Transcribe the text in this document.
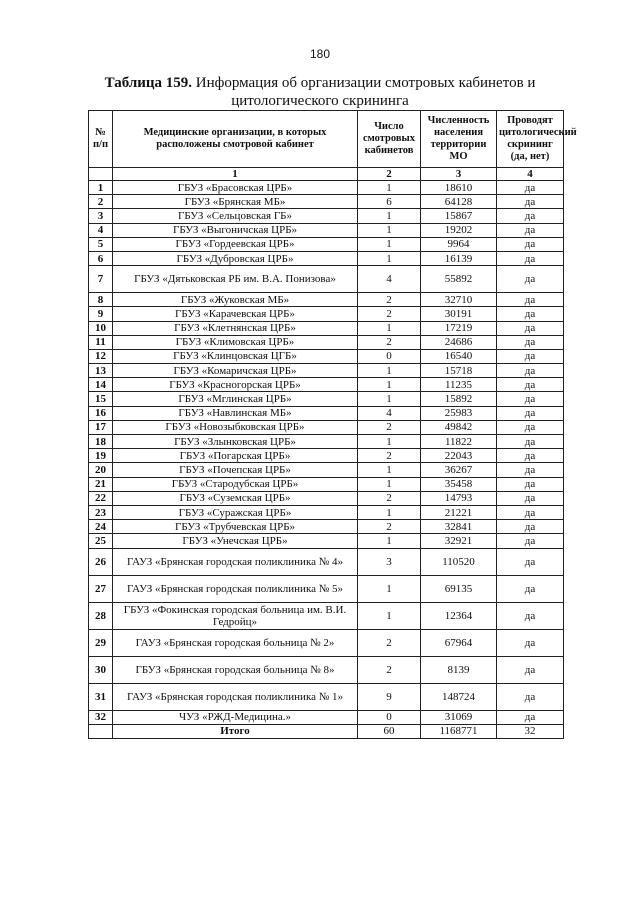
180
Таблица 159. Информация об организации смотровых кабинетов и цитологического скрининга
№ п/п	Медицинские организации, в которых расположены смотровой кабинет	Число смотровых кабинетов	Численность населения территории МО	Проводят цитологический скрининг (да, нет)
	1	2	3	4
1	ГБУЗ «Брасовская ЦРБ»	1	18610	да
2	ГБУЗ «Брянская МБ»	6	64128	да
3	ГБУЗ «Сельцовская ГБ»	1	15867	да
4	ГБУЗ «Выгоничская ЦРБ»	1	19202	да
5	ГБУЗ «Гордеевская ЦРБ»	1	9964	да
6	ГБУЗ «Дубровская ЦРБ»	1	16139	да
7	ГБУЗ «Дятьковская РБ им. В.А. Понизова»	4	55892	да
8	ГБУЗ «Жуковская МБ»	2	32710	да
9	ГБУЗ «Карачевская ЦРБ»	2	30191	да
10	ГБУЗ «Клетнянская ЦРБ»	1	17219	да
11	ГБУЗ «Климовская ЦРБ»	2	24686	да
12	ГБУЗ «Клинцовская ЦГБ»	0	16540	да
13	ГБУЗ «Комаричская ЦРБ»	1	15718	да
14	ГБУЗ «Красногорская ЦРБ»	1	11235	да
15	ГБУЗ «Мглинская ЦРБ»	1	15892	да
16	ГБУЗ «Навлинская МБ»	4	25983	да
17	ГБУЗ «Новозыбковская ЦРБ»	2	49842	да
18	ГБУЗ «Злынковская ЦРБ»	1	11822	да
19	ГБУЗ «Погарская ЦРБ»	2	22043	да
20	ГБУЗ «Почепская ЦРБ»	1	36267	да
21	ГБУЗ «Стародубская ЦРБ»	1	35458	да
22	ГБУЗ «Суземская ЦРБ»	2	14793	да
23	ГБУЗ «Суражская ЦРБ»	1	21221	да
24	ГБУЗ «Трубчевская ЦРБ»	2	32841	да
25	ГБУЗ «Унечская ЦРБ»	1	32921	да
26	ГАУЗ «Брянская городская поликлиника № 4»	3	110520	да
27	ГАУЗ «Брянская городская поликлиника № 5»	1	69135	да
28	ГБУЗ «Фокинская городская больница им. В.И. Гедройц»	1	12364	да
29	ГАУЗ «Брянская городская больница № 2»	2	67964	да
30	ГБУЗ «Брянская городская больница № 8»	2	8139	да
31	ГАУЗ «Брянская городская поликлиника № 1»	9	148724	да
32	ЧУЗ «РЖД-Медицина.»	0	31069	да
	Итого	60	1168771	32
